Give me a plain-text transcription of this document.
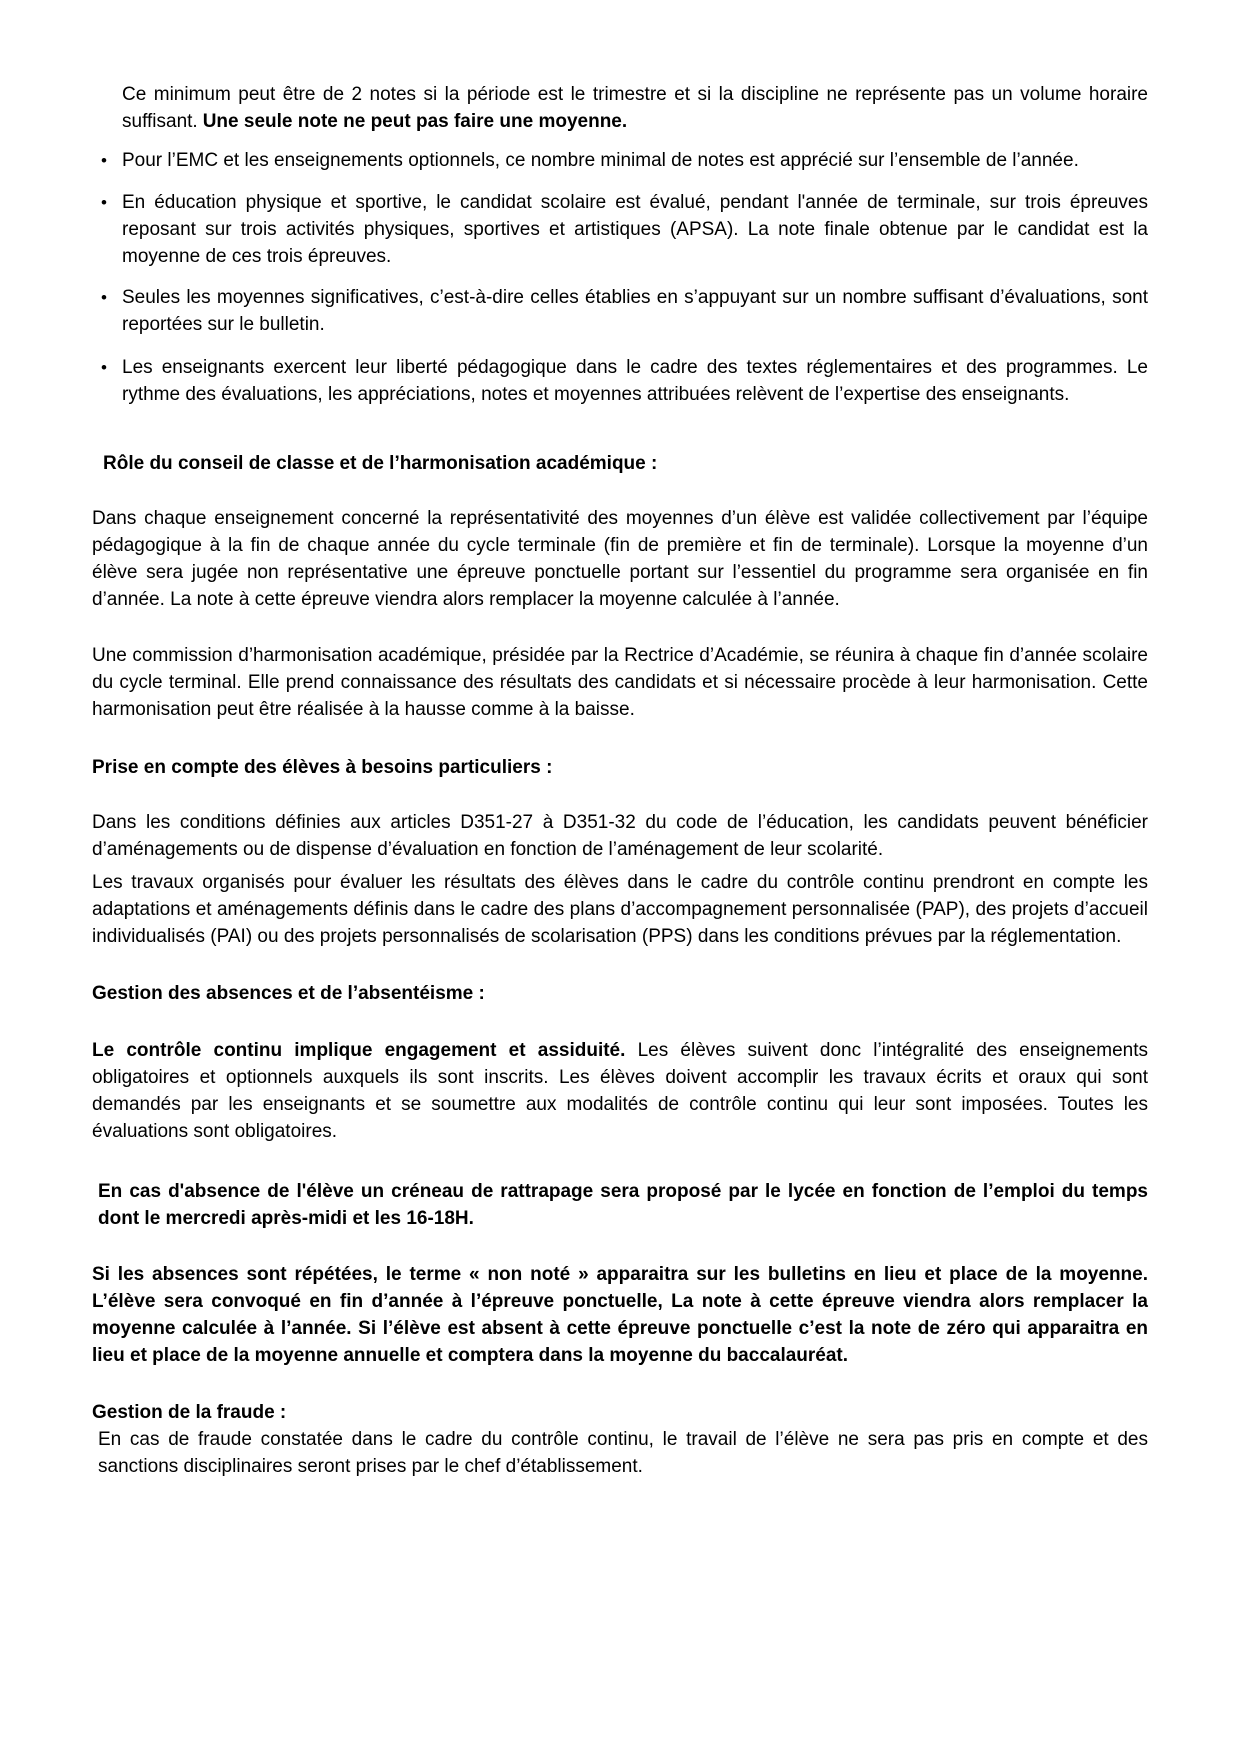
Ce minimum peut être de 2 notes si la période est le trimestre et si la discipline ne représente pas un volume horaire suffisant. Une seule note ne peut pas faire une moyenne.

• Pour l’EMC et les enseignements optionnels, ce nombre minimal de notes est apprécié sur l’ensemble de l’année.
• En éducation physique et sportive, le candidat scolaire est évalué, pendant l'année de terminale, sur trois épreuves reposant sur trois activités physiques, sportives et artistiques (APSA). La note finale obtenue par le candidat est la moyenne de ces trois épreuves.
• Seules les moyennes significatives, c’est-à-dire celles établies en s’appuyant sur un nombre suffisant d’évaluations, sont reportées sur le bulletin.
• Les enseignants exercent leur liberté pédagogique dans le cadre des textes réglementaires et des programmes. Le rythme des évaluations, les appréciations, notes et moyennes attribuées relèvent de l’expertise des enseignants.

Rôle du conseil de classe et de l’harmonisation académique :

Dans chaque enseignement concerné la représentativité des moyennes d’un élève est validée collectivement par l’équipe pédagogique à la fin de chaque année du cycle terminale (fin de première et fin de terminale). Lorsque la moyenne d’un élève sera jugée non représentative une épreuve ponctuelle portant sur l’essentiel du programme sera organisée en fin d’année. La note à cette épreuve viendra alors remplacer la moyenne calculée à l’année.

Une commission d’harmonisation académique, présidée par la Rectrice d’Académie, se réunira à chaque fin d’année scolaire du cycle terminal. Elle prend connaissance des résultats des candidats et si nécessaire procède à leur harmonisation. Cette harmonisation peut être réalisée à la hausse comme à la baisse.

Prise en compte des élèves à besoins particuliers :

Dans les conditions définies aux articles D351-27 à D351-32 du code de l’éducation, les candidats peuvent bénéficier d’aménagements ou de dispense d’évaluation en fonction de l’aménagement de leur scolarité.

Les travaux organisés pour évaluer les résultats des élèves dans le cadre du contrôle continu prendront en compte les adaptations et aménagements définis dans le cadre des plans d’accompagnement personnalisée (PAP), des projets d’accueil individualisés (PAI) ou des projets personnalisés de scolarisation (PPS) dans les conditions prévues par la réglementation.

Gestion des absences et de l’absentéisme :

Le contrôle continu implique engagement et assiduité. Les élèves suivent donc l’intégralité des enseignements obligatoires et optionnels auxquels ils sont inscrits. Les élèves doivent accomplir les travaux écrits et oraux qui sont demandés par les enseignants et se soumettre aux modalités de contrôle continu qui leur sont imposées. Toutes les évaluations sont obligatoires.

En cas d'absence de l'élève un créneau de rattrapage sera proposé par le lycée en fonction de l’emploi du temps dont le mercredi après-midi et les 16-18H.

Si les absences sont répétées, le terme « non noté » apparaitra sur les bulletins en lieu et place de la moyenne. L’élève sera convoqué en fin d’année à l’épreuve ponctuelle, La note à cette épreuve viendra alors remplacer la moyenne calculée à l’année. Si l’élève est absent à cette épreuve ponctuelle c’est la note de zéro qui apparaitra en lieu et place de la moyenne annuelle et comptera dans la moyenne du baccalauréat.

Gestion de la fraude :

En cas de fraude constatée dans le cadre du contrôle continu, le travail de l’élève ne sera pas pris en compte et des sanctions disciplinaires seront prises par le chef d’établissement.
